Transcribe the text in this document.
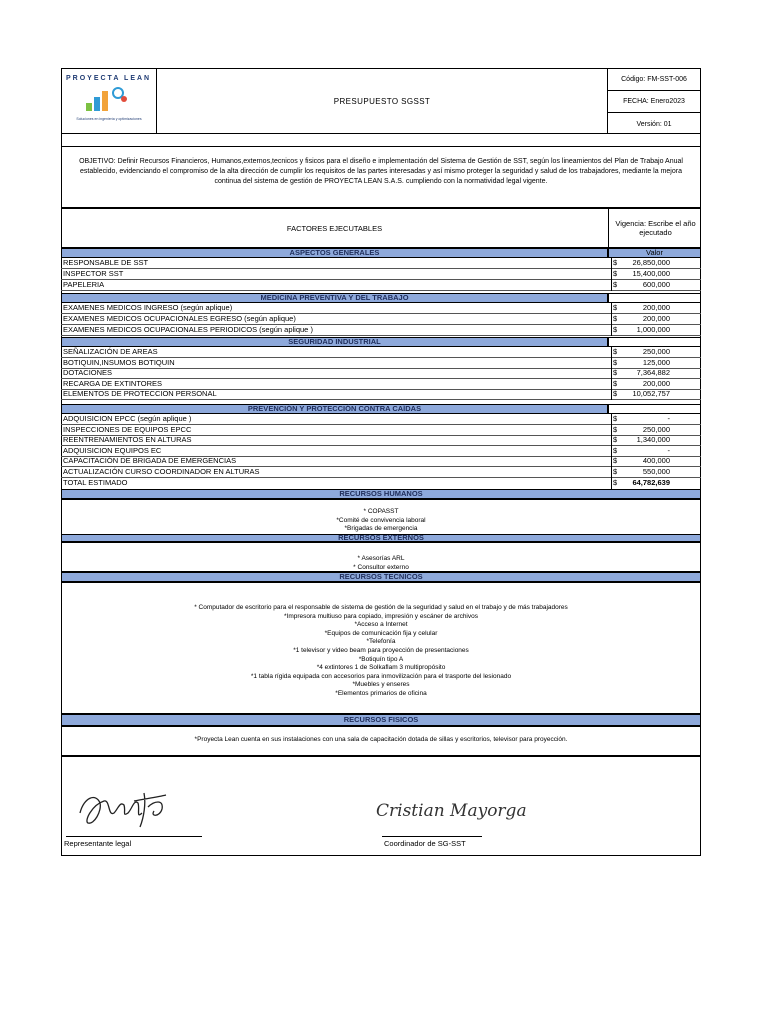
PROYECTA LEAN
Soluciones en ingeniería y optimizaciones
PRESUPUESTO SGSST
Código: FM-SST-006
FECHA: Enero2023
Versión: 01
OBJETIVO: Definir Recursos Financieros, Humanos,externos,tecnicos y fisicos para el diseño e implementación del Sistema de Gestión de SST, según los lineamientos del Plan de Trabajo Anual establecido, evidenciando el compromiso de la alta dirección de cumplir los requisitos de las partes interesadas y así mismo proteger la seguridad y salud de los trabajadores, mediante la mejora continua del sistema de gestión de PROYECTA LEAN S.A.S. cumpliendo con la normatividad legal vigente.
FACTORES EJECUTABLES	Vigencia: Escribe el año ejecutado
ASPECTOS GENERALES	Valor
RESPONSABLE DE SST	$ 26,850,000
INSPECTOR SST	$ 15,400,000
PAPELERIA	$	600,000
MEDICINA PREVENTIVA Y DEL TRABAJO
EXAMENES MEDICOS INGRESO (según aplique)	$	200,000
EXAMENES MEDICOS OCUPACIONALES EGRESO (según aplique)	$	200,000
EXAMENES MEDICOS OCUPACIONALES PERIODICOS (según aplique )	$	1,000,000
SEGURIDAD INDUSTRIAL
SEÑALIZACIÓN DE AREAS	$	250,000
BOTIQUIN,INSUMOS BOTIQUIN	$	125,000
DOTACIONES	$	7,364,882
RECARGA DE EXTINTORES	$	200,000
ELEMENTOS DE PROTECCION PERSONAL	$ 10,052,757
PREVENCIÓN Y PROTECCIÓN CONTRA CAÍDAS
ADQUISICION EPCC (según aplique )	$	-
INSPECCIONES DE EQUIPOS EPCC	$	250,000
REENTRENAMIENTOS EN ALTURAS	$	1,340,000
ADQUISICION EQUIPOS EC	$	-
CAPACITACIÓN DE BRIGADA DE EMERGENCIAS	$	400,000
ACTUALIZACIÓN CURSO COORDINADOR EN ALTURAS	$	550,000
TOTAL ESTIMADO	$ 64,782,639
RECURSOS HUMANOS
* COPASST
*Comité de convivencia laboral
*Brigadas de emergencia
RECURSOS EXTERNOS
* Asesorías ARL
* Consultor externo
RECURSOS TECNICOS
* Computador de escritorio para el responsable de sistema de gestión de la seguridad y salud en el trabajo y de más trabajadores
*Impresora multiuso para copiado, impresión y escáner de archivos
*Acceso a Internet
*Equipos de comunicación fija y celular
*Telefonía
*1 televisor y video beam para proyección de presentaciones
*Botiquín tipo A
*4 extintores 1 de Solkaflam 3 multipropósito
*1 tabla rígida equipada con accesorios para inmovilización para el trasporte del lesionado
*Muebles y enseres
*Elementos primarios de oficina
RECURSOS FISICOS
*Proyecta Lean cuenta en sus instalaciones con una sala de capacitación dotada de sillas y escritorios, televisor para proyección.
Representante legal
Cristian Mayorga
Coordinador de SG-SST
